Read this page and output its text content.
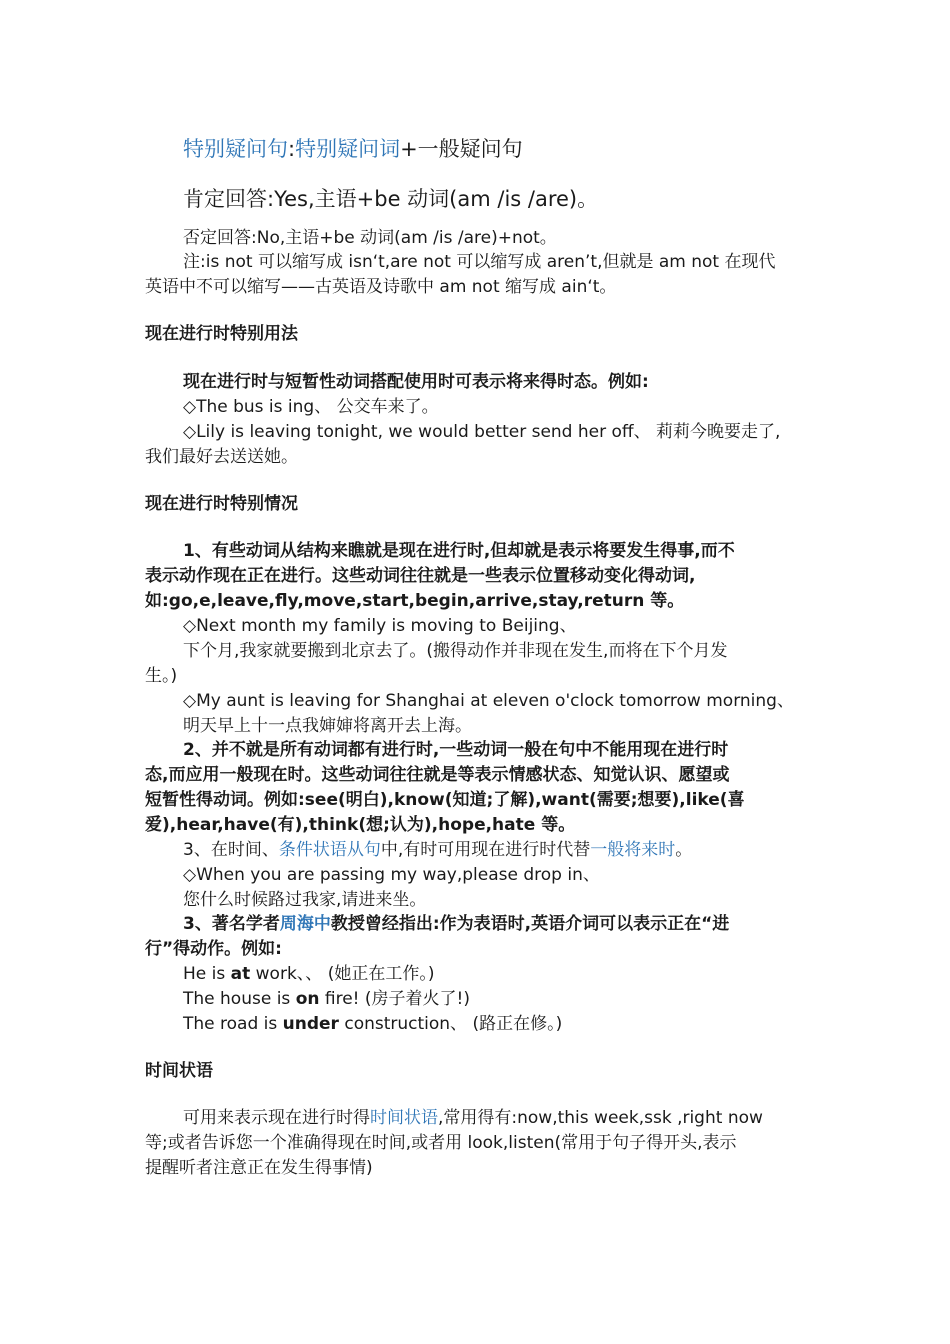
特别疑问句:特别疑问词+一般疑问句
肯定回答:Yes,主语+be 动词(am /is /are)。
否定回答:No,主语+be 动词(am /is /are)+not。
注:is not 可以缩写成 isn‘t,are not 可以缩写成 aren’t,但就是 am not 在现代
英语中不可以缩写——古英语及诗歌中 am not 缩写成 ain‘t。
现在进行时特别用法
现在进行时与短暂性动词搭配使用时可表示将来得时态。例如:
◇The bus is ing、 公交车来了。
◇Lily is leaving tonight, we would better send her off、 莉莉今晚要走了,
我们最好去送送她。
现在进行时特别情况
1、有些动词从结构来瞧就是现在进行时,但却就是表示将要发生得事,而不
表示动作现在正在进行。这些动词往往就是一些表示位置移动变化得动词,
如:go,e,leave,fly,move,start,begin,arrive,stay,return 等。
◇Next month my family is moving to Beijing、
下个月,我家就要搬到北京去了。(搬得动作并非现在发生,而将在下个月发
生。)
◇My aunt is leaving for Shanghai at eleven o'clock tomorrow morning、
明天早上十一点我婶婶将离开去上海。
2、并不就是所有动词都有进行时,一些动词一般在句中不能用现在进行时
态,而应用一般现在时。这些动词往往就是等表示情感状态、知觉认识、愿望或
短暂性得动词。例如:see(明白),know(知道;了解),want(需要;想要),like(喜
爱),hear,have(有),think(想;认为),hope,hate 等。
3、在时间、条件状语从句中,有时可用现在进行时代替一般将来时。
◇When you are passing my way,please drop in、
您什么时候路过我家,请进来坐。
3、著名学者周海中教授曾经指出:作为表语时,英语介词可以表示正在“进
行”得动作。例如:
He is at work、、 (她正在工作。)
The house is on fire! (房子着火了!)
The road is under construction、 (路正在修。)
时间状语
可用来表示现在进行时得时间状语,常用得有:now,this week,ssk ,right now
等;或者告诉您一个准确得现在时间,或者用 look,listen(常用于句子得开头,表示
提醒听者注意正在发生得事情)
